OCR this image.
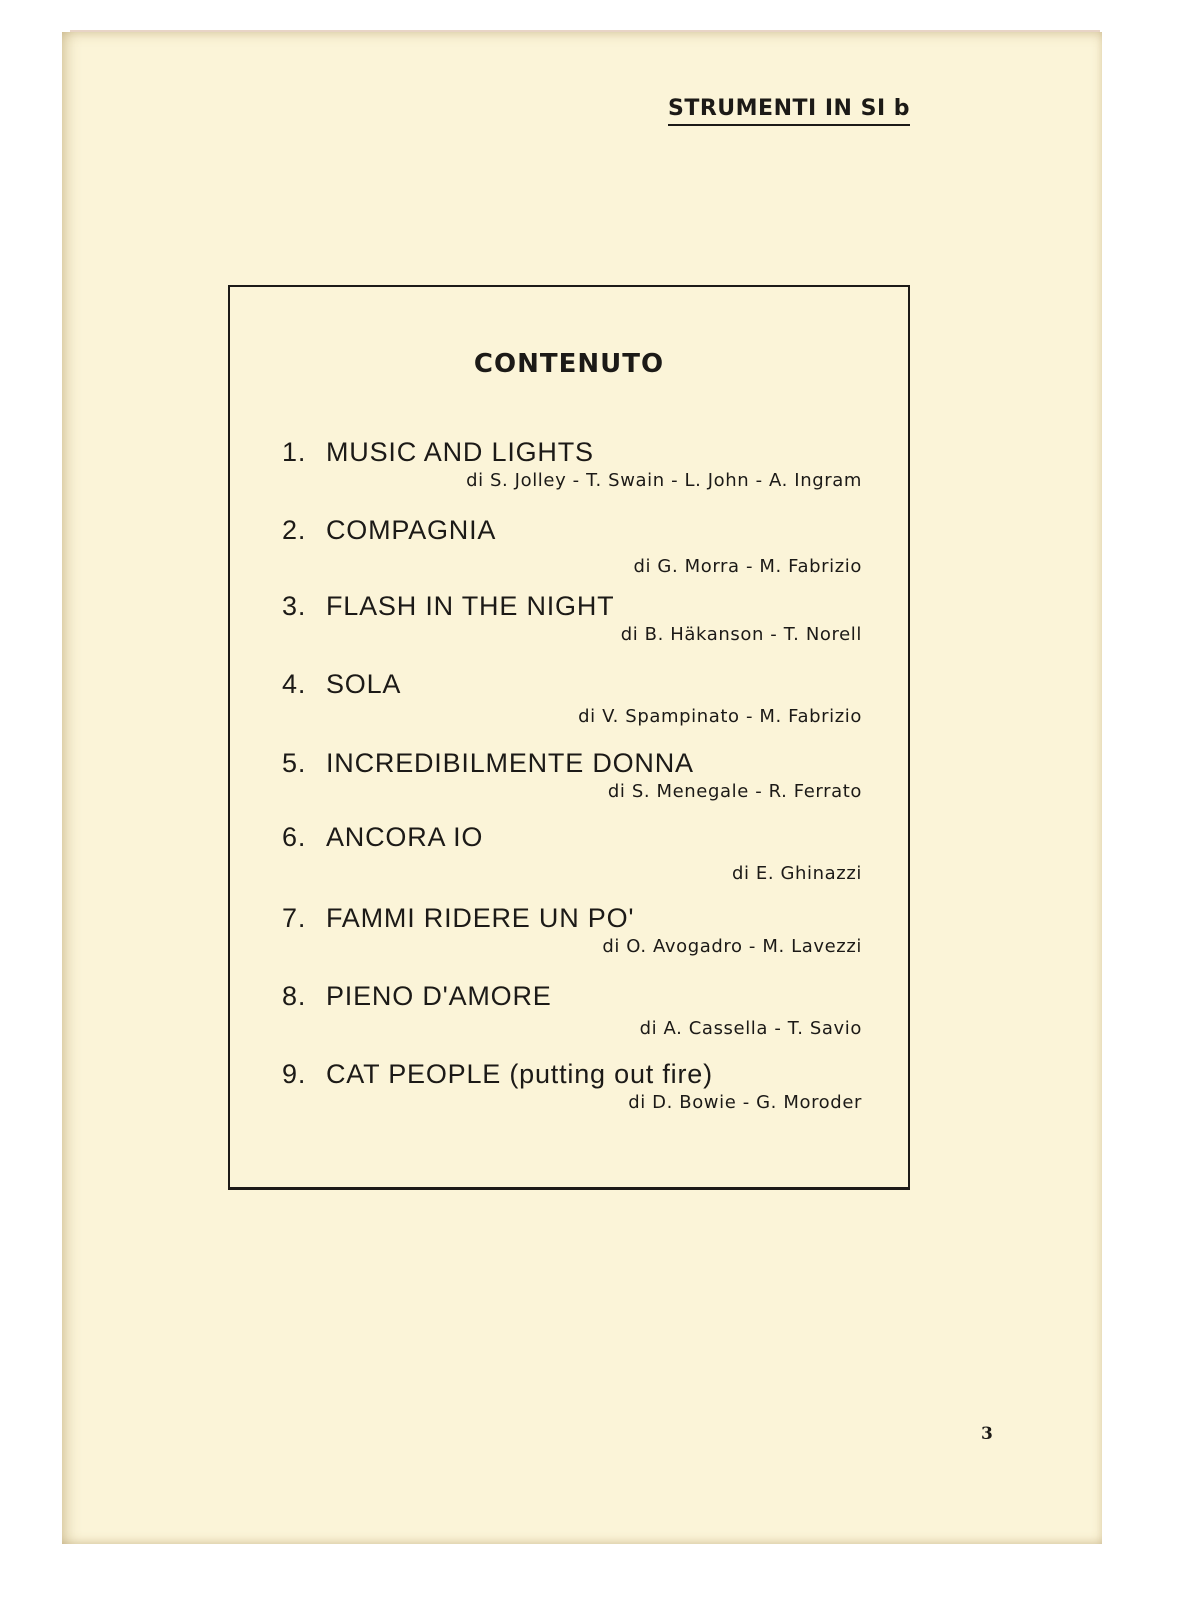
STRUMENTI IN SI b
CONTENUTO
1. MUSIC AND LIGHTS
di S. Jolley - T. Swain - L. John - A. Ingram
2. COMPAGNIA
di G. Morra - M. Fabrizio
3. FLASH IN THE NIGHT
di B. Häkanson - T. Norell
4. SOLA
di V. Spampinato - M. Fabrizio
5. INCREDIBILMENTE DONNA
di S. Menegale - R. Ferrato
6. ANCORA IO
di E. Ghinazzi
7. FAMMI RIDERE UN PO'
di O. Avogadro - M. Lavezzi
8. PIENO D'AMORE
di A. Cassella - T. Savio
9. CAT PEOPLE (putting out fire)
di D. Bowie - G. Moroder
3
